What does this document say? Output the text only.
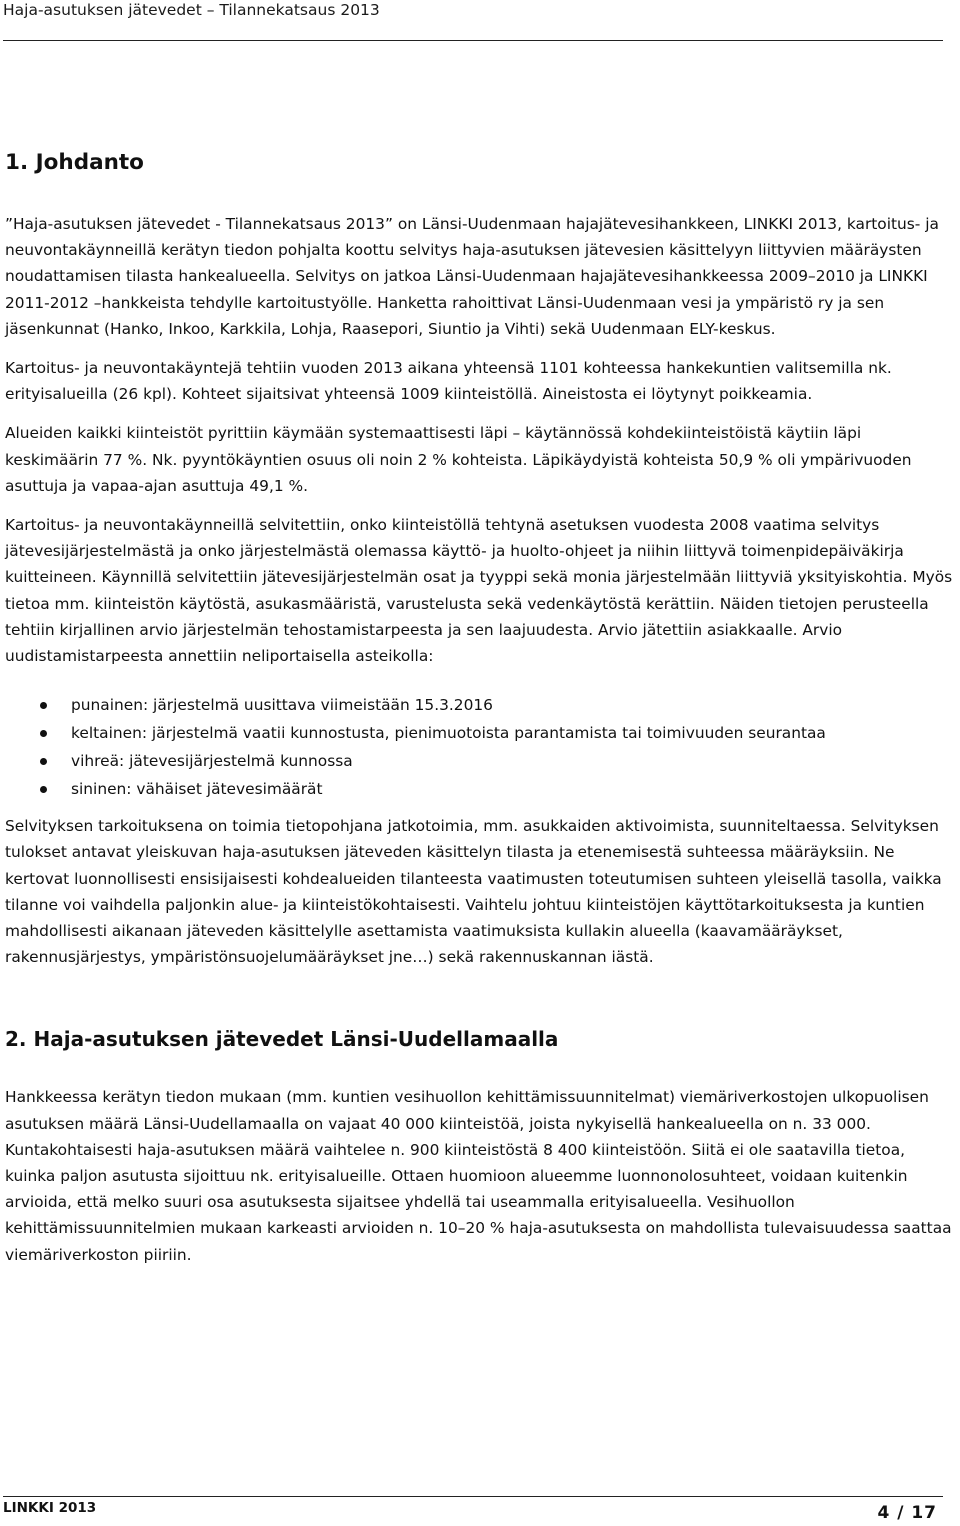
Haja-asutuksen jätevedet – Tilannekatsaus 2013
1. Johdanto

”Haja-asutuksen jätevedet - Tilannekatsaus 2013” on Länsi-Uudenmaan hajajätevesihankkeen, LINKKI 2013, kartoitus- ja neuvontakäynneillä kerätyn tiedon pohjalta koottu selvitys haja-asutuksen jätevesien käsittelyyn liittyvien määräysten noudattamisen tilasta hankealueella. Selvitys on jatkoa Länsi-Uudenmaan hajajätevesihankkeessa 2009–2010 ja LINKKI 2011-2012 –hankkeista tehdylle kartoitustyölle. Hanketta rahoittivat Länsi-Uudenmaan vesi ja ympäristö ry ja sen jäsenkunnat (Hanko, Inkoo, Karkkila, Lohja, Raasepori, Siuntio ja Vihti) sekä Uudenmaan ELY-keskus.

Kartoitus- ja neuvontakäyntejä tehtiin vuoden 2013 aikana yhteensä 1101 kohteessa hankekuntien valitsemilla nk. erityisalueilla (26 kpl). Kohteet sijaitsivat yhteensä 1009 kiinteistöllä. Aineistosta ei löytynyt poikkeamia.

Alueiden kaikki kiinteistöt pyrittiin käymään systemaattisesti läpi – käytännössä kohdekiinteistöistä käytiin läpi keskimäärin 77 %. Nk. pyyntökäyntien osuus oli noin 2 % kohteista. Läpikäydyistä kohteista 50,9 % oli ympärivuoden asuttuja ja vapaa-ajan asuttuja 49,1 %.

Kartoitus- ja neuvontakäynneillä selvitettiin, onko kiinteistöllä tehtynä asetuksen vuodesta 2008 vaatima selvitys jätevesijärjestelmästä ja onko järjestelmästä olemassa käyttö- ja huolto-ohjeet ja niihin liittyvä toimenpidepäiväkirja kuitteineen. Käynnillä selvitettiin jätevesijärjestelmän osat ja tyyppi sekä monia järjestelmään liittyviä yksityiskohtia. Myös tietoa mm. kiinteistön käytöstä, asukasmääristä, varustelusta sekä vedenkäytöstä kerättiin. Näiden tietojen perusteella tehtiin kirjallinen arvio järjestelmän tehostamistarpeesta ja sen laajuudesta. Arvio jätettiin asiakkaalle. Arvio uudistamistarpeesta annettiin neliportaisella asteikolla:

punainen: järjestelmä uusittava viimeistään 15.3.2016
keltainen: järjestelmä vaatii kunnostusta, pienimuotoista parantamista tai toimivuuden seurantaa
vihreä: jätevesijärjestelmä kunnossa
sininen: vähäiset jätevesimäärät

Selvityksen tarkoituksena on toimia tietopohjana jatkotoimia, mm. asukkaiden aktivoimista, suunniteltaessa. Selvityksen tulokset antavat yleiskuvan haja-asutuksen jäteveden käsittelyn tilasta ja etenemisestä suhteessa määräyksiin. Ne kertovat luonnollisesti ensisijaisesti kohdealueiden tilanteesta vaatimusten toteutumisen suhteen yleisellä tasolla, vaikka tilanne voi vaihdella paljonkin alue- ja kiinteistökohtaisesti. Vaihtelu johtuu kiinteistöjen käyttötarkoituksesta ja kuntien mahdollisesti aikanaan jäteveden käsittelylle asettamista vaatimuksista kullakin alueella (kaavamääräykset, rakennusjärjestys, ympäristönsuojelumääräykset jne…) sekä rakennuskannan iästä.

2. Haja-asutuksen jätevedet Länsi-Uudellamaalla

Hankkeessa kerätyn tiedon mukaan (mm. kuntien vesihuollon kehittämissuunnitelmat) viemäriverkostojen ulkopuolisen asutuksen määrä Länsi-Uudellamaalla on vajaat 40 000 kiinteistöä, joista nykyisellä hankealueella on n. 33 000. Kuntakohtaisesti haja-asutuksen määrä vaihtelee n. 900 kiinteistöstä 8 400 kiinteistöön. Siitä ei ole saatavilla tietoa, kuinka paljon asutusta sijoittuu nk. erityisalueille. Ottaen huomioon alueemme luonnonolosuhteet, voidaan kuitenkin arvioida, että melko suuri osa asutuksesta sijaitsee yhdellä tai useammalla erityisalueella. Vesihuollon kehittämissuunnitelmien mukaan karkeasti arvioiden n. 10–20 % haja-asutuksesta on mahdollista tulevaisuudessa saattaa viemäriverkoston piiriin.

LINKKI 2013	4 / 17
